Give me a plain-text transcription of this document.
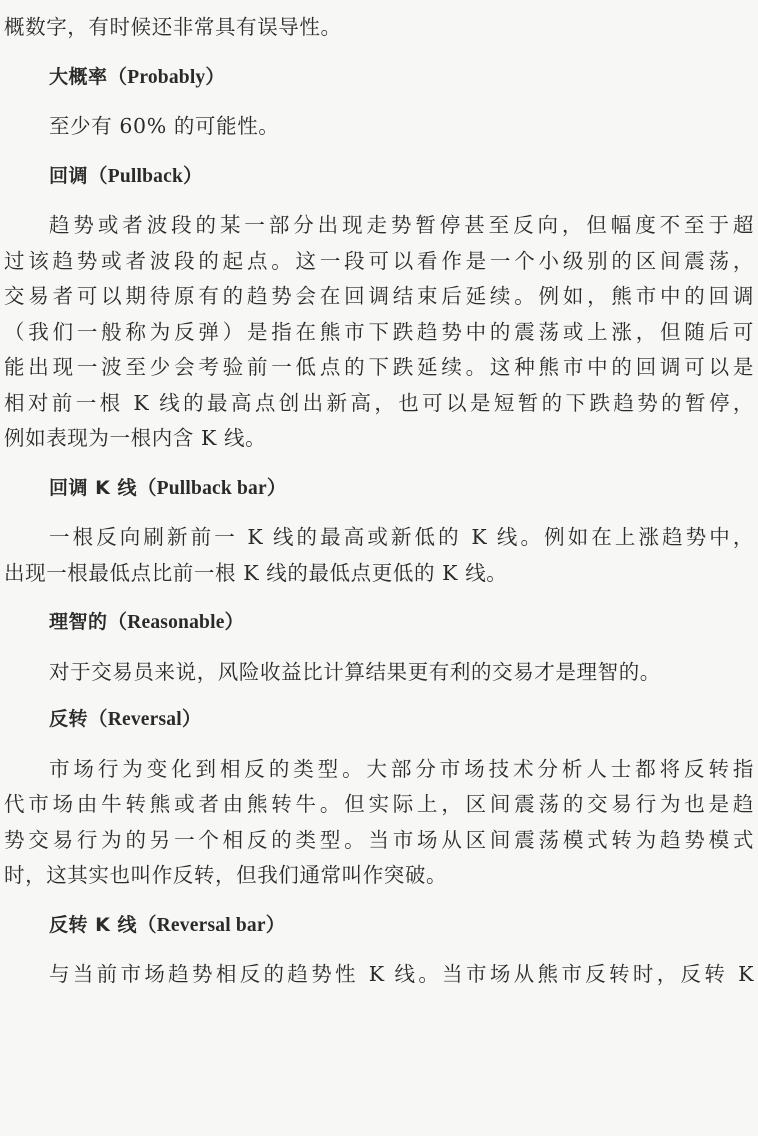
概数字，有时候还非常具有误导性。
大概率（Probably）
至少有 60% 的可能性。
回调（Pullback）
趋势或者波段的某一部分出现走势暂停甚至反向，但幅度不至于超
过该趋势或者波段的起点。这一段可以看作是一个小级别的区间震荡，
交易者可以期待原有的趋势会在回调结束后延续。例如，熊市中的回调
（我们一般称为反弹）是指在熊市下跌趋势中的震荡或上涨，但随后可
能出现一波至少会考验前一低点的下跌延续。这种熊市中的回调可以是
相对前一根 K 线的最高点创出新高，也可以是短暂的下跌趋势的暂停，
例如表现为一根内含 K 线。
回调 K 线（Pullback bar）
一根反向刷新前一 K 线的最高或新低的 K 线。例如在上涨趋势中，
出现一根最低点比前一根 K 线的最低点更低的 K 线。
理智的（Reasonable）
对于交易员来说，风险收益比计算结果更有利的交易才是理智的。
反转（Reversal）
市场行为变化到相反的类型。大部分市场技术分析人士都将反转指
代市场由牛转熊或者由熊转牛。但实际上，区间震荡的交易行为也是趋
势交易行为的另一个相反的类型。当市场从区间震荡模式转为趋势模式
时，这其实也叫作反转，但我们通常叫作突破。
反转 K 线（Reversal bar）
与当前市场趋势相反的趋势性 K 线。当市场从熊市反转时，反转 K
